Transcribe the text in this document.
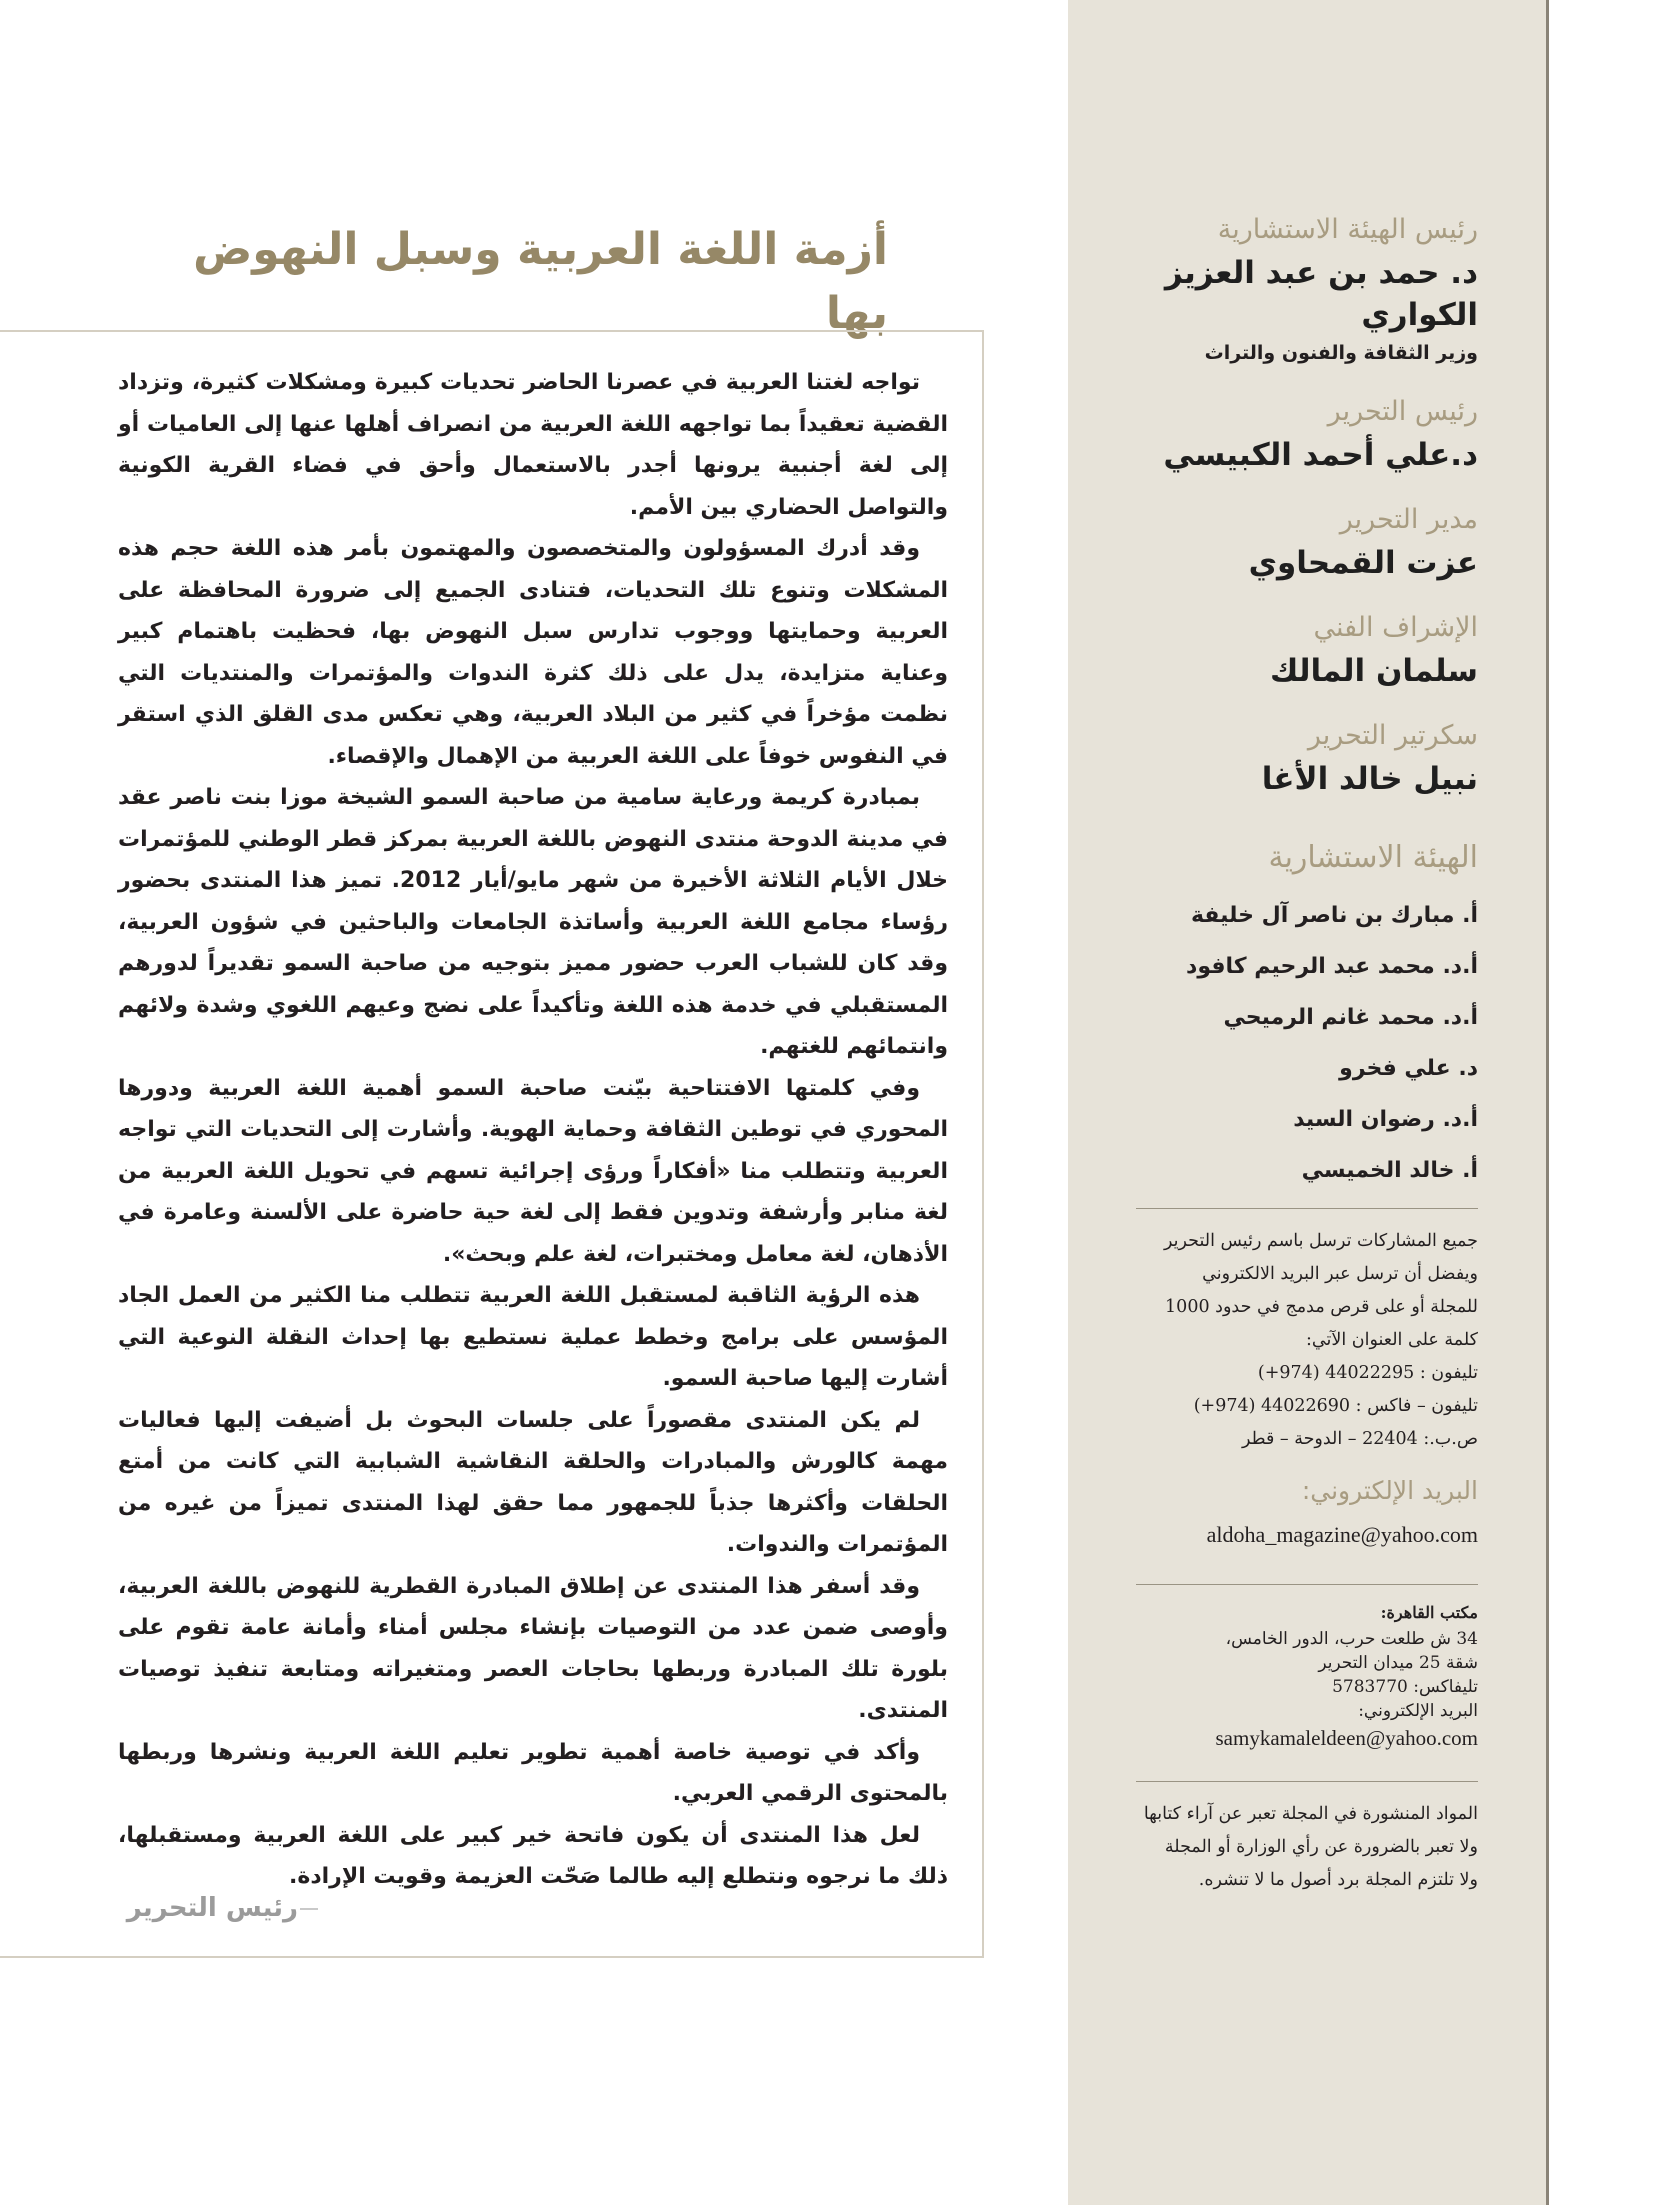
أزمة اللغة العربية وسبل النهوض بها

تواجه لغتنا العربية في عصرنا الحاضر تحديات كبيرة ومشكلات كثيرة، وتزداد القضية تعقيداً بما تواجهه اللغة العربية من انصراف أهلها عنها إلى العاميات أو إلى لغة أجنبية يرونها أجدر بالاستعمال وأحق في فضاء القرية الكونية والتواصل الحضاري بين الأمم.

وقد أدرك المسؤولون والمتخصصون والمهتمون بأمر هذه اللغة حجم هذه المشكلات وتنوع تلك التحديات، فتنادى الجميع إلى ضرورة المحافظة على العربية وحمايتها ووجوب تدارس سبل النهوض بها، فحظيت باهتمام كبير وعناية متزايدة، يدل على ذلك كثرة الندوات والمؤتمرات والمنتديات التي نظمت مؤخراً في كثير من البلاد العربية، وهي تعكس مدى القلق الذي استقر في النفوس خوفاً على اللغة العربية من الإهمال والإقصاء.

بمبادرة كريمة ورعاية سامية من صاحبة السمو الشيخة موزا بنت ناصر عقد في مدينة الدوحة منتدى النهوض باللغة العربية بمركز قطر الوطني للمؤتمرات خلال الأيام الثلاثة الأخيرة من شهر مايو/أيار 2012. تميز هذا المنتدى بحضور رؤساء مجامع اللغة العربية وأساتذة الجامعات والباحثين في شؤون العربية، وقد كان للشباب العرب حضور مميز بتوجيه من صاحبة السمو تقديراً لدورهم المستقبلي في خدمة هذه اللغة وتأكيداً على نضج وعيهم اللغوي وشدة ولائهم وانتمائهم للغتهم.

وفي كلمتها الافتتاحية بيّنت صاحبة السمو أهمية اللغة العربية ودورها المحوري في توطين الثقافة وحماية الهوية. وأشارت إلى التحديات التي تواجه العربية وتتطلب منا «أفكاراً ورؤى إجرائية تسهم في تحويل اللغة العربية من لغة منابر وأرشفة وتدوين فقط إلى لغة حية حاضرة على الألسنة وعامرة في الأذهان، لغة معامل ومختبرات، لغة علم وبحث».

هذه الرؤية الثاقبة لمستقبل اللغة العربية تتطلب منا الكثير من العمل الجاد المؤسس على برامج وخطط عملية نستطيع بها إحداث النقلة النوعية التي أشارت إليها صاحبة السمو.

لم يكن المنتدى مقصوراً على جلسات البحوث بل أضيفت إليها فعاليات مهمة كالورش والمبادرات والحلقة النقاشية الشبابية التي كانت من أمتع الحلقات وأكثرها جذباً للجمهور مما حقق لهذا المنتدى تميزاً من غيره من المؤتمرات والندوات.

وقد أسفر هذا المنتدى عن إطلاق المبادرة القطرية للنهوض باللغة العربية، وأوصى ضمن عدد من التوصيات بإنشاء مجلس أمناء وأمانة عامة تقوم على بلورة تلك المبادرة وربطها بحاجات العصر ومتغيراته ومتابعة تنفيذ توصيات المنتدى.

وأكد في توصية خاصة أهمية تطوير تعليم اللغة العربية ونشرها وربطها بالمحتوى الرقمي العربي.

لعل هذا المنتدى أن يكون فاتحة خير كبير على اللغة العربية ومستقبلها، ذلك ما نرجوه ونتطلع إليه طالما صَحّت العزيمة وقويت الإرادة.

رئيس التحرير

رئيس الهيئة الاستشارية

د. حمد بن عبد العزيز الكواري

وزير الثقافة والفنون والتراث

رئيس التحرير

د.علي أحمد الكبيسي

مدير التحرير

عزت القمحاوي

الإشراف الفني

سلمان المالك

سكرتير التحرير

نبيل خالد الأغا

الهيئة الاستشارية

أ. مبارك بن ناصر آل خليفة

أ.د. محمد عبد الرحيم كافود

أ.د. محمد غانم الرميحي

د. علي فخرو

أ.د. رضوان السيد

أ. خالد الخميسي

جميع المشاركات ترسل باسم رئيس التحرير

ويفضل أن ترسل عبر البريد الالكتروني

للمجلة أو على قرص مدمج في حدود 1000

كلمة على العنوان الآتي:

تليفون : 44022295 (974+)

تليفون – فاكس : 44022690 (974+)

ص.ب.: 22404 – الدوحة – قطر

البريد الإلكتروني:

aldoha_magazine@yahoo.com

مكتب القاهرة:

34 ش طلعت حرب، الدور الخامس،

شقة 25 ميدان التحرير

تليفاكس: 5783770

البريد الإلكتروني:

samykamaleldeen@yahoo.com

المواد المنشورة في المجلة تعبر عن آراء كتابها

ولا تعبر بالضرورة عن رأي الوزارة أو المجلة

ولا تلتزم المجلة برد أصول ما لا تنشره.
